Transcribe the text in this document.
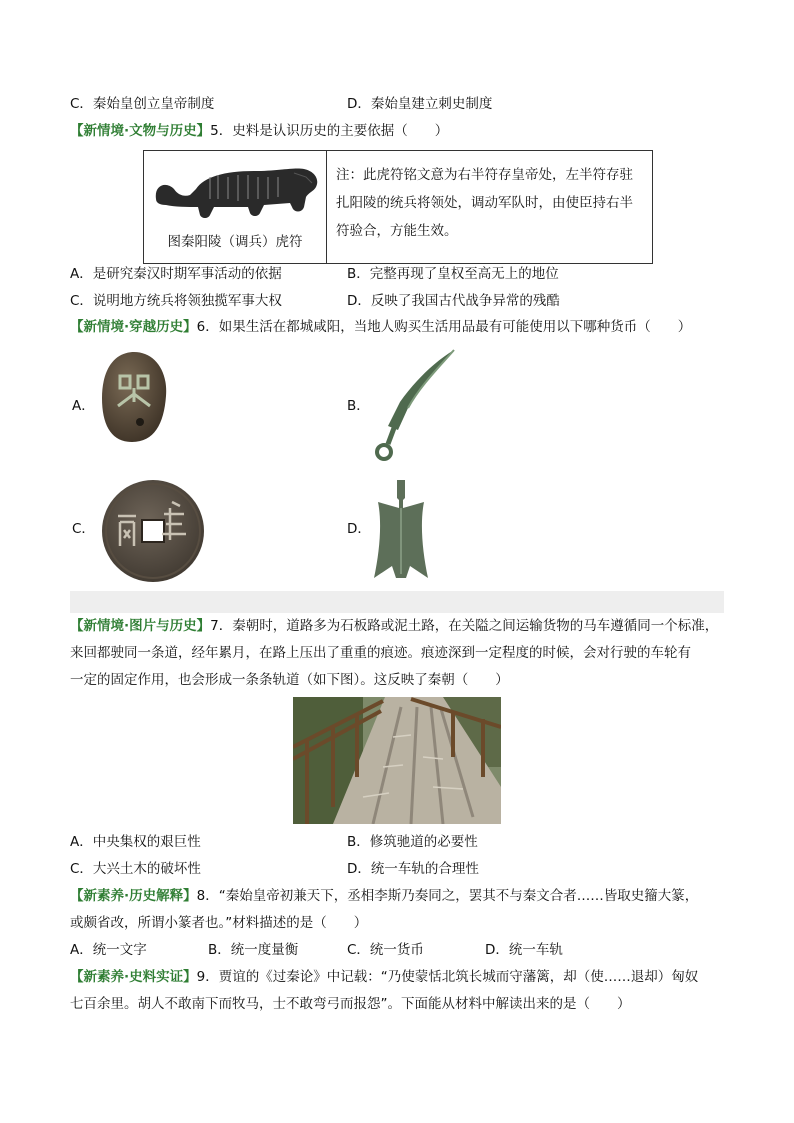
C．秦始皇创立皇帝制度	D．秦始皇建立刺史制度
【新情境·文物与历史】5．史料是认识历史的主要依据（　　）
图秦阳陵（调兵）虎符
注：此虎符铭文意为右半符存皇帝处，左半符存驻扎阳陵的统兵将领处，调动军队时，由使臣持右半符验合，方能生效。
A．是研究秦汉时期军事活动的依据	B．完整再现了皇权至高无上的地位
C．说明地方统兵将领独揽军事大权	D．反映了我国古代战争异常的残酷
【新情境·穿越历史】6．如果生活在都城咸阳，当地人购买生活用品最有可能使用以下哪种货币（　　）
A．	B．
C．	D．
【新情境·图片与历史】7．秦朝时，道路多为石板路或泥土路，在关隘之间运输货物的马车遵循同一个标准，
来回都驶同一条道，经年累月，在路上压出了重重的痕迹。痕迹深到一定程度的时候，会对行驶的车轮有
一定的固定作用，也会形成一条条轨道（如下图）。这反映了秦朝（　　）
A．中央集权的艰巨性	B．修筑驰道的必要性
C．大兴土木的破坏性	D．统一车轨的合理性
【新素养·历史解释】8．“秦始皇帝初兼天下，丞相李斯乃奏同之，罢其不与秦文合者……皆取史籀大篆，
或颇省改，所谓小篆者也。”材料描述的是（　　）
A．统一文字	B．统一度量衡	C．统一货币	D．统一车轨
【新素养·史料实证】9．贾谊的《过秦论》中记载：“乃使蒙恬北筑长城而守藩篱，却（使……退却）匈奴
七百余里。胡人不敢南下而牧马，士不敢弯弓而报怨”。下面能从材料中解读出来的是（　　）
